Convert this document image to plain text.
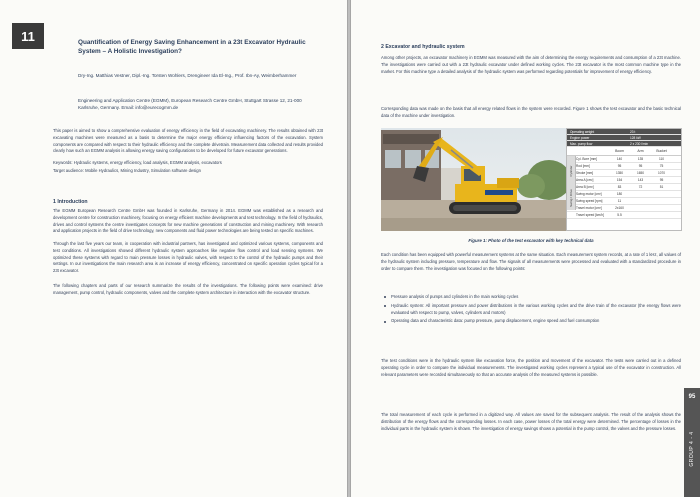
11	Quantification of Energy Saving Enhancement in a 23t Excavator Hydraulic System – A Holistic Investigation?
Dry-Ing. Matthias Vestner, Dipl.-Ing. Torsten Wohlers, Drengineer Ida El-Ing., Prof. Ibn-Ay, Weimberhammer
Engineering and Application Centre (EGMM), European Research Centre GmbH, Stuttgart Strasse 12, 21-000 Karlsruhe, Germany. Email: info@eurecogmm.de
This paper is aimed to show a comprehensive evaluation of energy efficiency in the field of excavating machinery. The results obtained with 23t excavating machines were measured as a basis to determine the major energy efficiency influencing factors of the excavation. System components are compared with respect to their hydraulic efficiency and the complete drivetrain. Measurement data collected and results provided clearly how such an EGMM analysis is allowing energy saving configurations to be developed for future excavator generations.
Keywords: Hydraulic systems, energy efficiency, load analysis, EGMM analysis, excavators
Target audience: Mobile Hydraulics, Mining Industry, Simulation software design
1 Introduction
The EGMM European Research Centre GmbH was founded in Karlsruhe, Germany in 2014. EGMM was established as a research and development centre for construction machinery, focusing on energy efficient machine developments and test technology. In the field of hydraulics, drives and control systems the centre investigates concepts for new machine generations of construction and mining machinery. With research and application projects in the field of drive technology, new components and fluid power technologies are being tested on specific machines.
Through the last five years our team, in cooperation with industrial partners, has investigated and optimized various systems, components and test conditions. All investigations showed different hydraulic system approaches like negative flow control and load sensing systems. We optimized these systems with regard to main pressure losses in hydraulic valves, with respect to the control of the hydraulic pumps and their settings. In our investigations the main research area is an increase of energy efficiency, concentrated on specific operation cycles typical for a 23t excavator.
The following chapters and parts of our research summarize the results of the investigations. The following points were examined: drive management, pump control, hydraulic components, valves and the complete system architecture in interaction with the excavator structure.
2 Excavator and hydraulic system
Among other projects, an excavator machinery in EGMM was measured with the aim of determining the energy requirements and consumption of a 23t machine. The investigations were carried out with a 23t hydraulic excavator under defined working cycles. The 23t excavator is the most common machine type in the market. For this machine type a detailed analysis of the hydraulic system was performed regarding potentials for improvement of energy efficiency.
Corresponding data was made on the basis that all energy related flows in the system were recorded. Figure 1 shows the test excavator and the basic technical data of the machine under investigation.
Operating weight	23 t
Engine power	128 kW
Max. pump flow	2 x 230 l/min
Boom	Arm	Bucket
Cylinder
Swing / Drive
Cyl. Bore [mm]	140	135	110
Rod [mm]	95	95	75
Stroke [mm]	1350	1650	1070
Area A [cm²]	154	143	95
Area B [cm²]	83	72	51
Swing motor [cm³]	180
Swing speed [rpm]	11
Travel motor [cm³]	2x160
Travel speed [km/h]	5.5
Figure 1: Photo of the test excavator with key technical data
Each condition has been equipped with powerful measurement systems at the same situation. Each measurement system records, at a rate of 1 kHz, all values of the hydraulic system including pressure, temperature and flow. The signals of all measurements were processed and evaluated with a standardized procedure in order to compare them. The investigation was focused on the following points:
Pressure analysis of pumps and cylinders in the main working cycles
Hydraulic system: All important pressure and power distributions in the various working cycles and the drive train of the excavator (the energy flows were evaluated with respect to pump, valves, cylinders and motors)
Operating data and characteristic data: pump pressure, pump displacement, engine speed and fuel consumption
The test conditions were in the hydraulic system like excavation force, the position and movement of the excavator. The tests were carried out in a defined operating cycle in order to compare the individual measurements. The investigated working cycles represent a typical use of the excavator in construction. All relevant parameters were recorded simultaneously so that an accurate analysis of the measured systems is possible.
The total measurement of each cycle is performed in a digitized way. All values are saved for the subsequent analysis. The result of the analysis shows the distribution of the energy flows and the corresponding losses. In each case, power losses of the total energy were determined. The percentage of losses in the individual parts in the hydraulic system is shown. The investigation of energy savings shows a potential in the pump control, the valves and the pressure losses.
95
GROUP 4 - 4
